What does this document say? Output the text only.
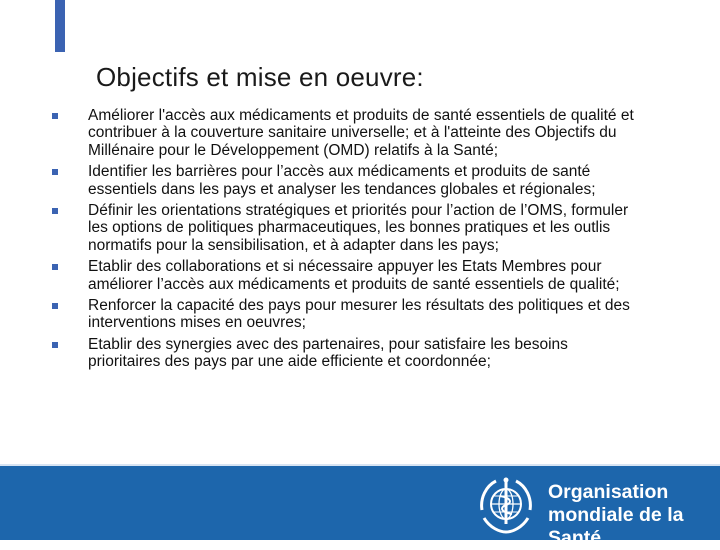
Objectifs et mise en oeuvre:
Améliorer l'accès aux médicaments et produits de santé essentiels de qualité et contribuer à la couverture sanitaire universelle; et à l'atteinte des Objectifs du Millénaire pour le Développement (OMD) relatifs à la Santé;
Identifier les barrières pour l’accès aux médicaments et produits de santé essentiels dans les pays et analyser les tendances globales et régionales;
Définir les orientations stratégiques et priorités pour l’action de l’OMS, formuler les options de politiques pharmaceutiques, les bonnes pratiques et les outlis normatifs pour la sensibilisation, et à adapter dans les pays;
Etablir des collaborations et si nécessaire appuyer les Etats Membres pour améliorer l’accès aux médicaments et produits de santé essentiels de qualité;
Renforcer la capacité des pays pour mesurer les résultats des politiques et des interventions mises en oeuvres;
Etablir des synergies avec des partenaires, pour satisfaire les besoins prioritaires des pays par une aide efficiente et coordonnée;
Organisation
mondiale de la Santé
